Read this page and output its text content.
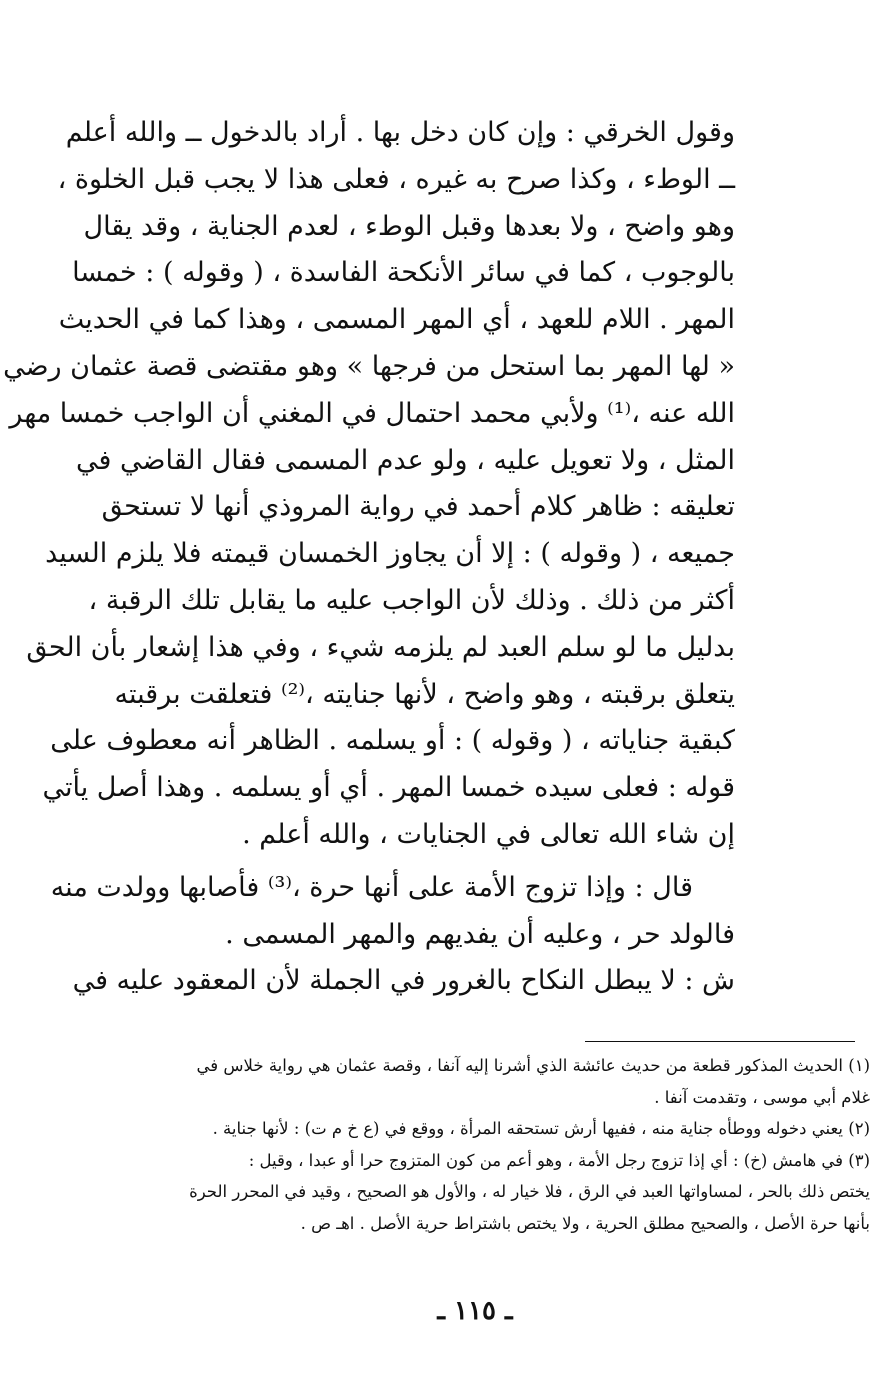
وقول الخرقي : وإن كان دخل بها . أراد بالدخول ــ والله أعلم
ــ الوطء ، وكذا صرح به غيره ، فعلى هذا لا يجب قبل الخلوة ،
وهو واضح ، ولا بعدها وقبل الوطء ، لعدم الجناية ، وقد يقال
بالوجوب ، كما في سائر الأنكحة الفاسدة ، ( وقوله ) : خمسا
المهر . اللام للعهد ، أي المهر المسمى ، وهذا كما في الحديث
« لها المهر بما استحل من فرجها » وهو مقتضى قصة عثمان رضي
الله عنه ،⁽¹⁾ ولأبي محمد احتمال في المغني أن الواجب خمسا مهر
المثل ، ولا تعويل عليه ، ولو عدم المسمى فقال القاضي في
تعليقه : ظاهر كلام أحمد في رواية المروذي أنها لا تستحق
جميعه ، ( وقوله ) : إلا أن يجاوز الخمسان قيمته فلا يلزم السيد
أكثر من ذلك . وذلك لأن الواجب عليه ما يقابل تلك الرقبة ،
بدليل ما لو سلم العبد لم يلزمه شيء ، وفي هذا إشعار بأن الحق
يتعلق برقبته ، وهو واضح ، لأنها جنايته ،⁽²⁾ فتعلقت برقبته
كبقية جناياته ، ( وقوله ) : أو يسلمه . الظاهر أنه معطوف على
قوله : فعلى سيده خمسا المهر . أي أو يسلمه . وهذا أصل يأتي
إن شاء الله تعالى في الجنايات ، والله أعلم .
قال : وإذا تزوج الأمة على أنها حرة ،⁽³⁾ فأصابها وولدت منه
فالولد حر ، وعليه أن يفديهم والمهر المسمى .
ش : لا يبطل النكاح بالغرور في الجملة لأن المعقود عليه في
(١) الحديث المذكور قطعة من حديث عائشة الذي أشرنا إليه آنفا ، وقصة عثمان هي رواية خلاس في
غلام أبي موسى ، وتقدمت آنفا .
(٢) يعني دخوله ووطأه جناية منه ، ففيها أرش تستحقه المرأة ، ووقع في (ع خ م ت) : لأنها جناية .
(٣) في هامش (خ) : أي إذا تزوج رجل الأمة ، وهو أعم من كون المتزوج حرا أو عبدا ، وقيل :
يختص ذلك بالحر ، لمساواتها العبد في الرق ، فلا خيار له ، والأول هو الصحيح ، وقيد في المحرر الحرة
بأنها حرة الأصل ، والصحيح مطلق الحرية ، ولا يختص باشتراط حرية الأصل . اهـ ص .
ـ ١١٥ ـ
